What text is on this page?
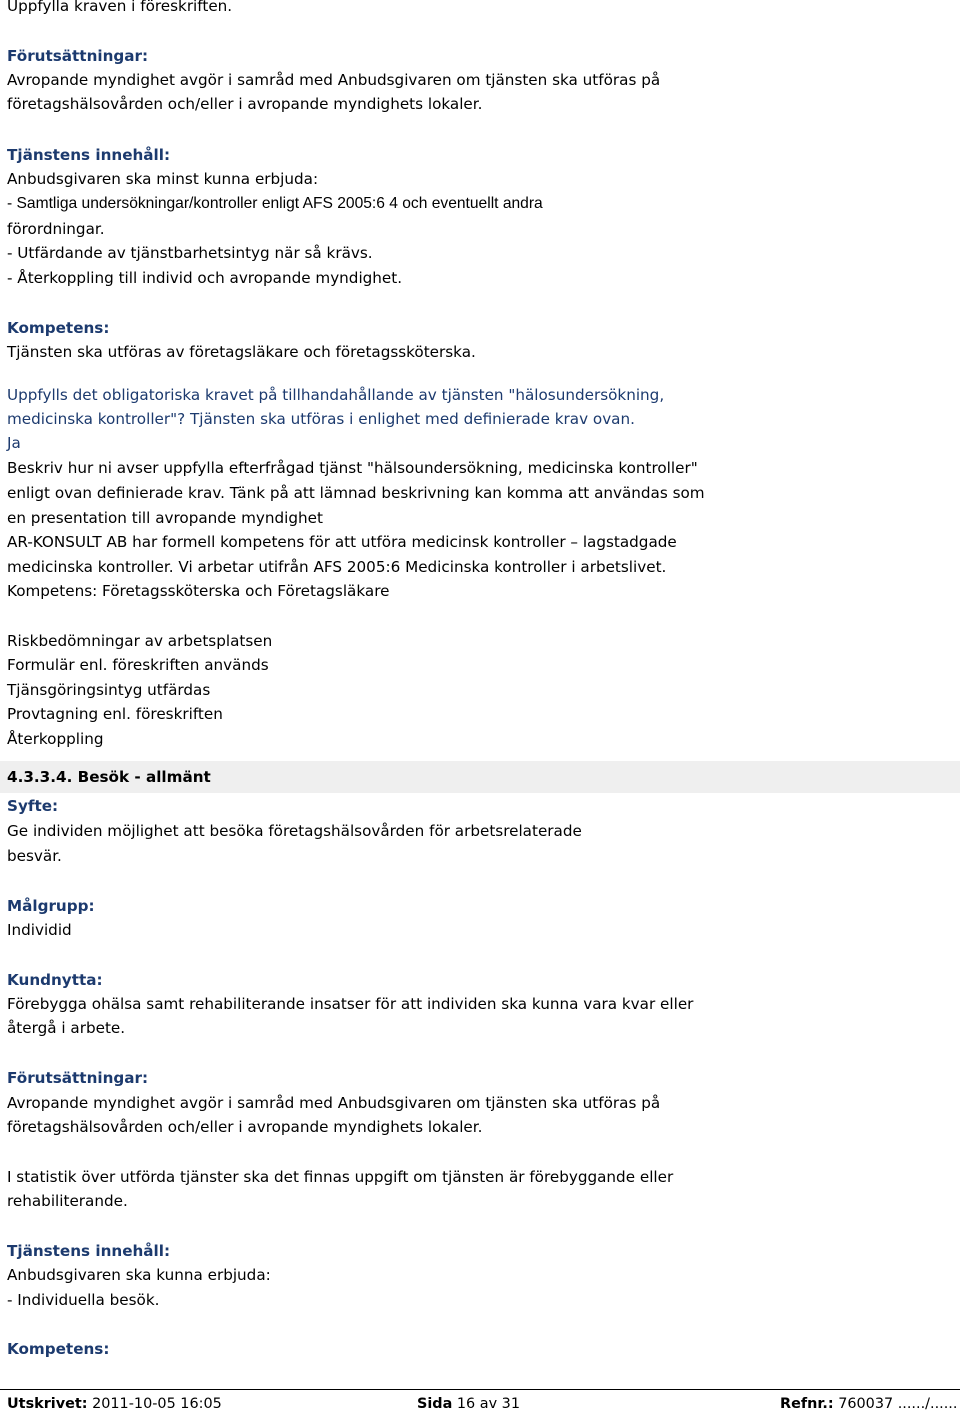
Uppfylla kraven i föreskriften.
Förutsättningar:
Avropande myndighet avgör i samråd med Anbudsgivaren om tjänsten ska utföras på
företagshälsovården och/eller i avropande myndighets lokaler.
Tjänstens innehåll:
Anbudsgivaren ska minst kunna erbjuda:
- Samtliga undersökningar/kontroller enligt AFS 2005:6 4 och eventuellt andra
förordningar.
- Utfärdande av tjänstbarhetsintyg när så krävs.
- Återkoppling till individ och avropande myndighet.
Kompetens:
Tjänsten ska utföras av företagsläkare och företagssköterska.
Uppfylls det obligatoriska kravet på tillhandahållande av tjänsten "hälosundersökning,
medicinska kontroller"? Tjänsten ska utföras i enlighet med definierade krav ovan.
Ja
Beskriv hur ni avser uppfylla efterfrågad tjänst "hälsoundersökning, medicinska kontroller"
enligt ovan definierade krav. Tänk på att lämnad beskrivning kan komma att användas som
en presentation till avropande myndighet
AR-KONSULT AB har formell kompetens för att utföra medicinsk kontroller – lagstadgade
medicinska kontroller. Vi arbetar utifrån AFS 2005:6 Medicinska kontroller i arbetslivet.
Kompetens: Företagssköterska och Företagsläkare
Riskbedömningar av arbetsplatsen
Formulär enl. föreskriften används
Tjänsgöringsintyg utfärdas
Provtagning enl. föreskriften
Återkoppling
4.3.3.4. Besök - allmänt
Syfte:
Ge individen möjlighet att besöka företagshälsovården för arbetsrelaterade
besvär.
Målgrupp:
Individid
Kundnytta:
Förebygga ohälsa samt rehabiliterande insatser för att individen ska kunna vara kvar eller
återgå i arbete.
Förutsättningar:
Avropande myndighet avgör i samråd med Anbudsgivaren om tjänsten ska utföras på
företagshälsovården och/eller i avropande myndighets lokaler.
I statistik över utförda tjänster ska det finnas uppgift om tjänsten är förebyggande eller
rehabiliterande.
Tjänstens innehåll:
Anbudsgivaren ska kunna erbjuda:
- Individuella besök.
Kompetens:
Utskrivet: 2011-10-05 16:05	Sida 16 av 31	Refnr.: 760037 ....../......
